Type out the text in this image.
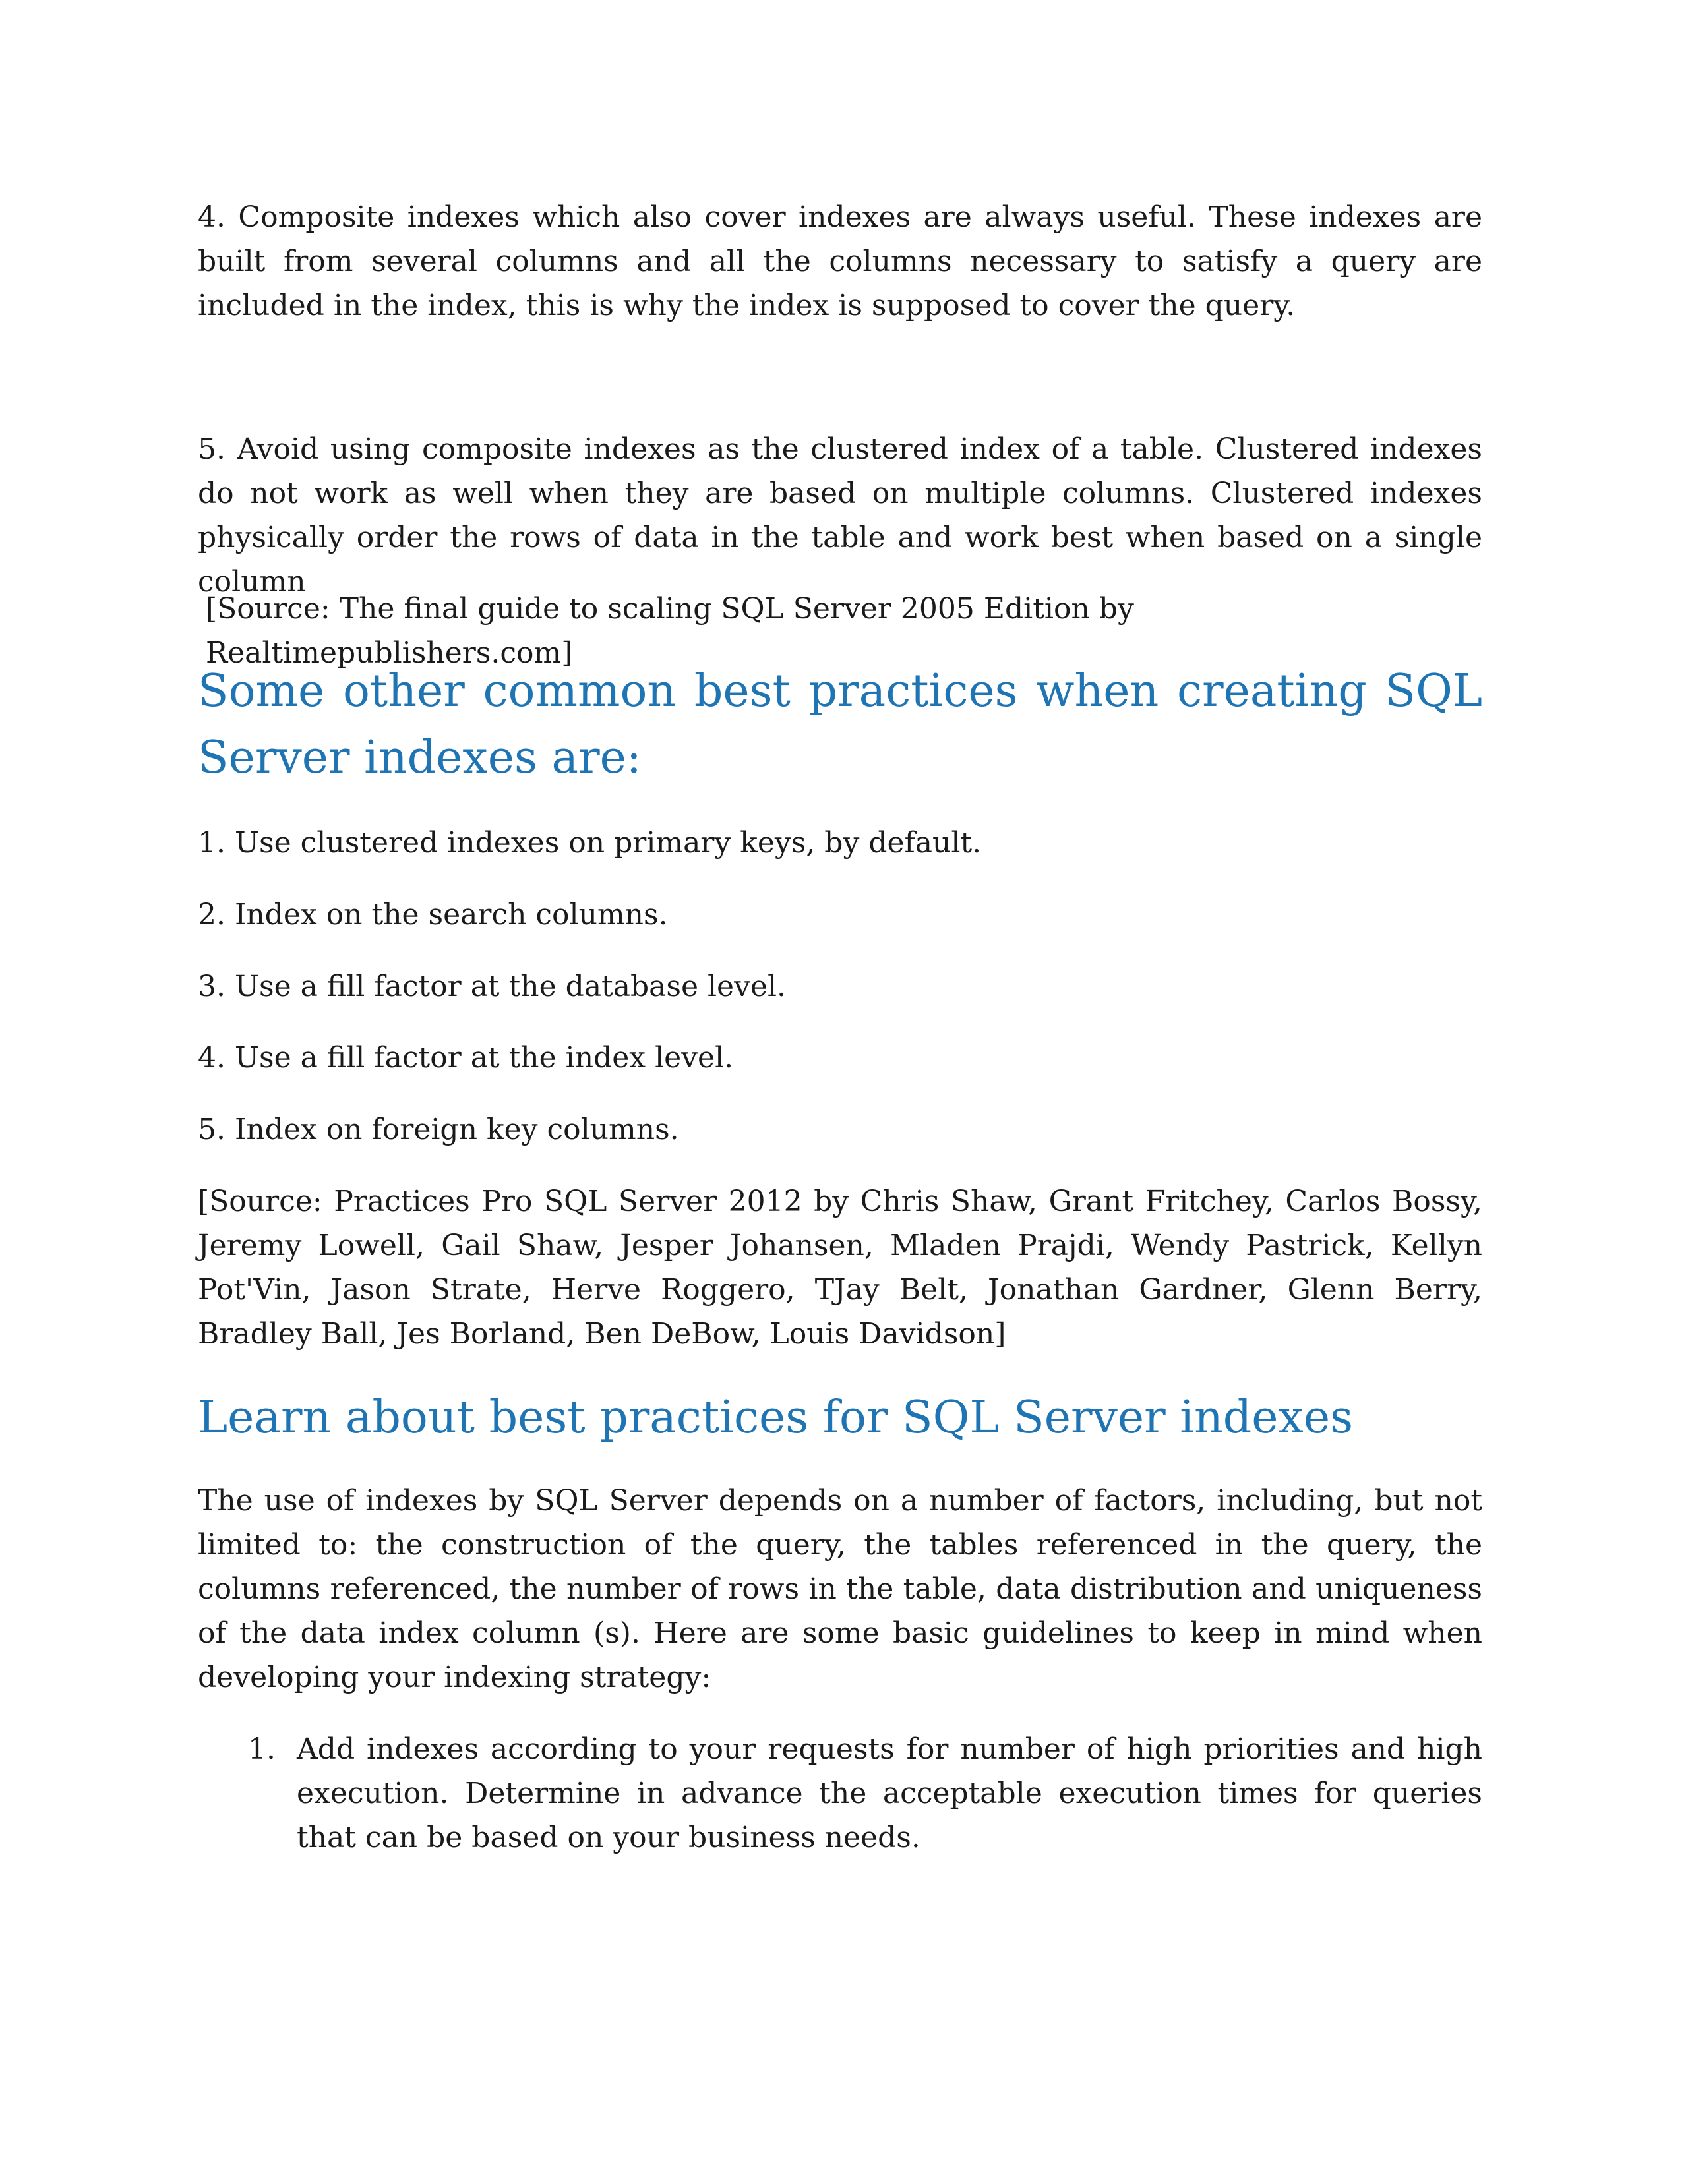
4. Composite indexes which also cover indexes are always useful. These indexes are built from several columns and all the columns necessary to satisfy a query are included in the index, this is why the index is supposed to cover the query.

5. Avoid using composite indexes as the clustered index of a table. Clustered indexes do not work as well when they are based on multiple columns. Clustered indexes physically order the rows of data in the table and work best when based on a single column

[Source: The final guide to scaling SQL Server 2005 Edition by Realtimepublishers.com]

Some other common best practices when creating SQL Server indexes are:

1. Use clustered indexes on primary keys, by default.

2. Index on the search columns.

3. Use a fill factor at the database level.

4. Use a fill factor at the index level.

5. Index on foreign key columns.

[Source: Practices Pro SQL Server 2012 by Chris Shaw, Grant Fritchey, Carlos Bossy, Jeremy Lowell, Gail Shaw, Jesper Johansen, Mladen Prajdi, Wendy Pastrick, Kellyn Pot'Vin, Jason Strate, Herve Roggero, TJay Belt, Jonathan Gardner, Glenn Berry, Bradley Ball, Jes Borland, Ben DeBow, Louis Davidson]

Learn about best practices for SQL Server indexes

The use of indexes by SQL Server depends on a number of factors, including, but not limited to: the construction of the query, the tables referenced in the query, the columns referenced, the number of rows in the table, data distribution and uniqueness of the data index column (s). Here are some basic guidelines to keep in mind when developing your indexing strategy:

1. Add indexes according to your requests for number of high priorities and high execution. Determine in advance the acceptable execution times for queries that can be based on your business needs.
